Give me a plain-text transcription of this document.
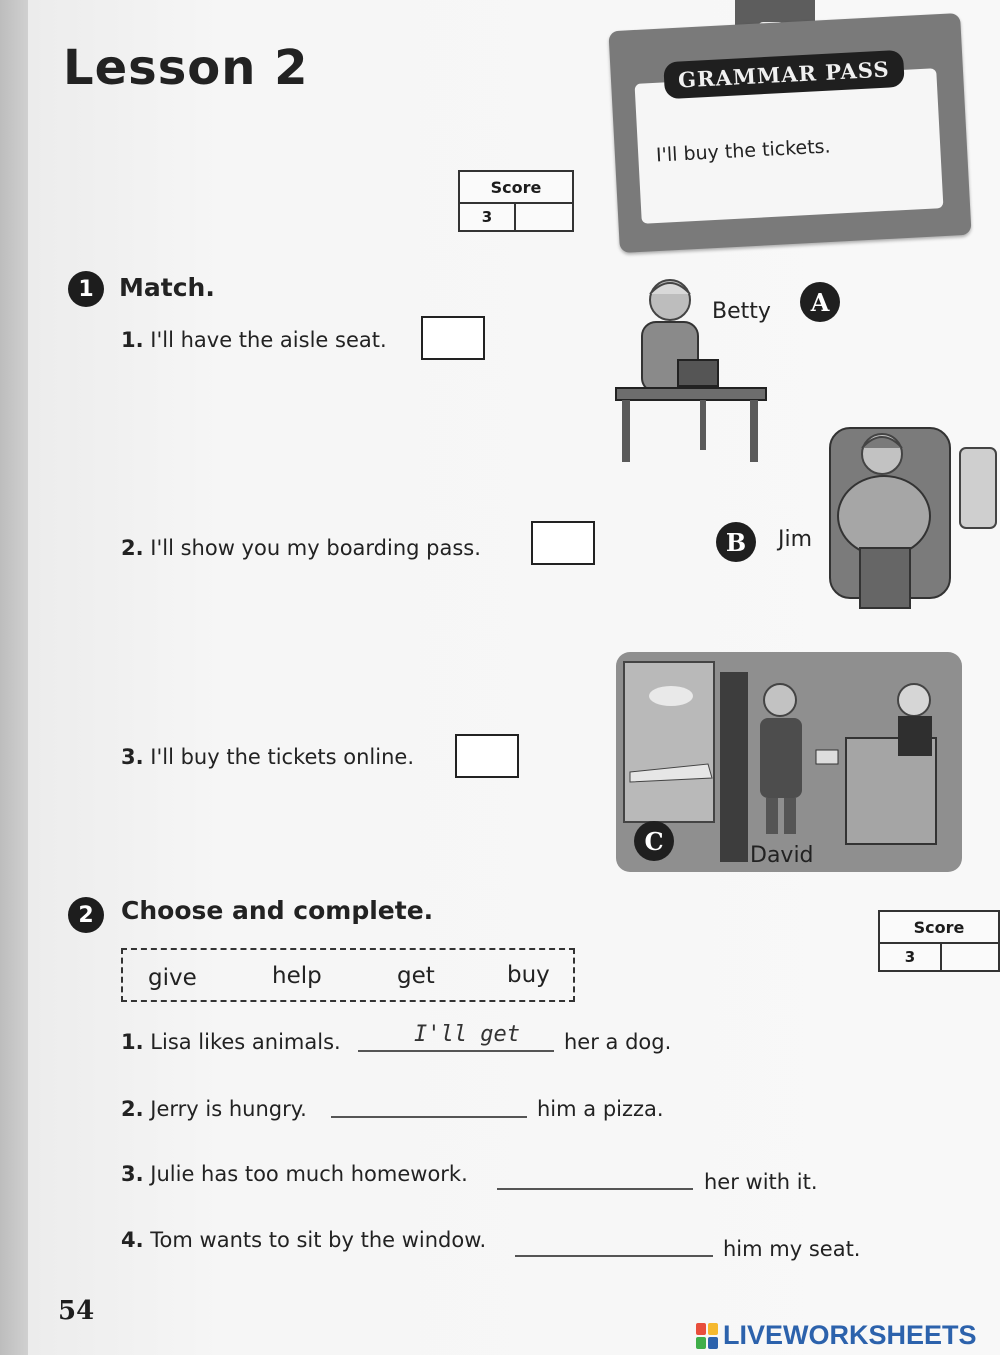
Lesson 2	GRAMMAR PASS
I'll buy the tickets.
Score
3
1	Match.
1. I'll have the aisle seat.
2. I'll show you my boarding pass.
3. I'll buy the tickets online.
Betty	A
B	Jim
C	David
2	Choose and complete.
Score
3
give	help	get	buy
1. Lisa likes animals.	I'll get her a dog.
2. Jerry is hungry.	him a pizza.
3. Julie has too much homework.	her with it.
4. Tom wants to sit by the window.	him my seat.
54
LIVEWORKSHEETS
